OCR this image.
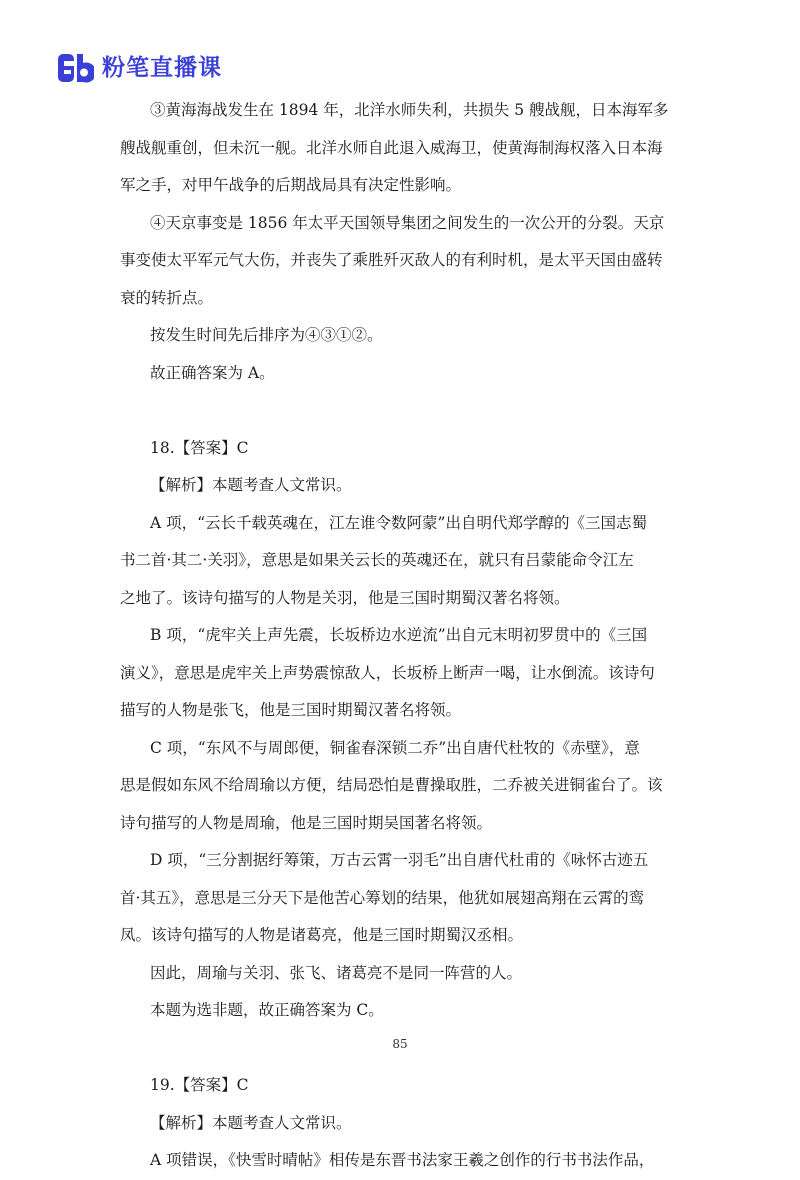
粉笔直播课
③黄海海战发生在 1894 年，北洋水师失利，共损失 5 艘战舰，日本海军多
艘战舰重创，但未沉一舰。北洋水师自此退入威海卫，使黄海制海权落入日本海
军之手，对甲午战争的后期战局具有决定性影响。
④天京事变是 1856 年太平天国领导集团之间发生的一次公开的分裂。天京
事变使太平军元气大伤，并丧失了乘胜歼灭敌人的有利时机，是太平天国由盛转
衰的转折点。
按发生时间先后排序为④③①②。
故正确答案为 A。
18.【答案】C
【解析】本题考查人文常识。
A 项，“云长千载英魂在，江左谁令数阿蒙”出自明代郑学醇的《三国志蜀
书二首·其二·关羽》，意思是如果关云长的英魂还在，就只有吕蒙能命令江左
之地了。该诗句描写的人物是关羽，他是三国时期蜀汉著名将领。
B 项，“虎牢关上声先震，长坂桥边水逆流”出自元末明初罗贯中的《三国
演义》，意思是虎牢关上声势震惊敌人，长坂桥上断声一喝，让水倒流。该诗句
描写的人物是张飞，他是三国时期蜀汉著名将领。
C 项，“东风不与周郎便，铜雀春深锁二乔”出自唐代杜牧的《赤壁》，意
思是假如东风不给周瑜以方便，结局恐怕是曹操取胜，二乔被关进铜雀台了。该
诗句描写的人物是周瑜，他是三国时期吴国著名将领。
D 项，“三分割据纡筹策，万古云霄一羽毛”出自唐代杜甫的《咏怀古迹五
首·其五》，意思是三分天下是他苦心筹划的结果，他犹如展翅高翔在云霄的鸾
凤。该诗句描写的人物是诸葛亮，他是三国时期蜀汉丞相。
因此，周瑜与关羽、张飞、诸葛亮不是同一阵营的人。
本题为选非题，故正确答案为 C。
19.【答案】C
【解析】本题考查人文常识。
A 项错误，《快雪时晴帖》相传是东晋书法家王羲之创作的行书书法作品，
85
